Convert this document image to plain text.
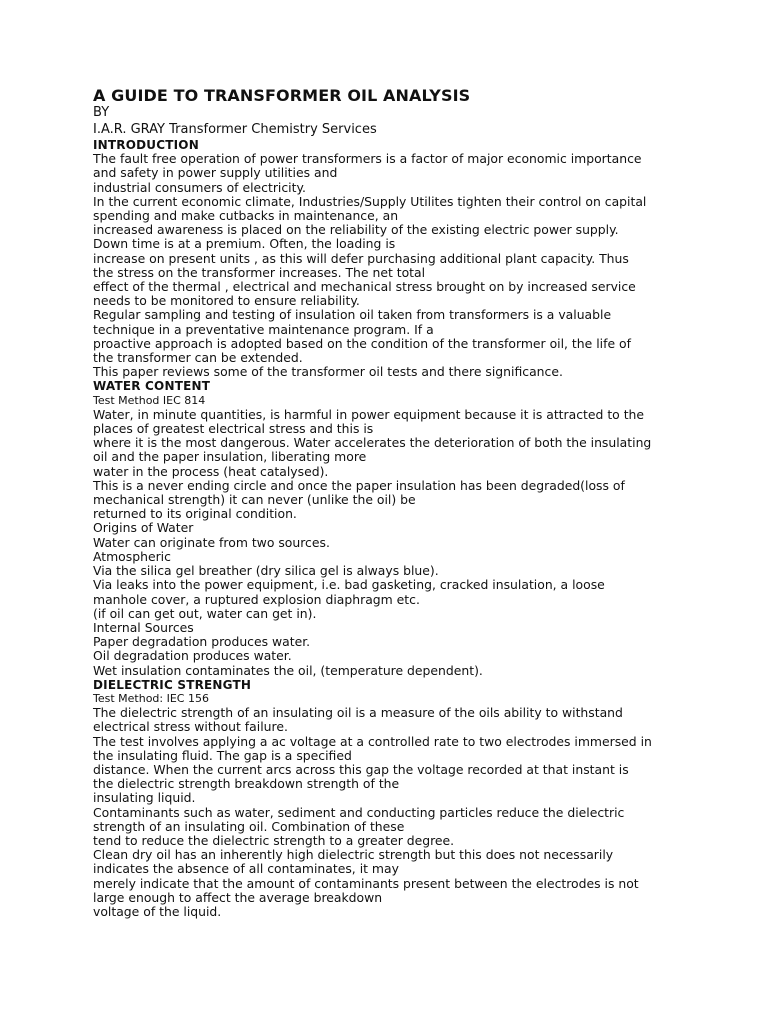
A GUIDE TO TRANSFORMER OIL ANALYSIS

BY

I.A.R. GRAY Transformer Chemistry Services

INTRODUCTION

The fault free operation of power transformers is a factor of major economic importance

and safety in power supply utilities and

industrial consumers of electricity.

In the current economic climate, Industries/Supply Utilites tighten their control on capital

spending and make cutbacks in maintenance, an

increased awareness is placed on the reliability of the existing electric power supply.

Down time is at a premium. Often, the loading is

increase on present units , as this will defer purchasing additional plant capacity. Thus

the stress on the transformer increases. The net total

effect of the thermal , electrical and mechanical stress brought on by increased service

needs to be monitored to ensure reliability.

Regular sampling and testing of insulation oil taken from transformers is a valuable

technique in a preventative maintenance program. If a

proactive approach is adopted based on the condition of the transformer oil, the life of

the transformer can be extended.

This paper reviews some of the transformer oil tests and there significance.

WATER CONTENT

Test Method IEC 814

Water, in minute quantities, is harmful in power equipment because it is attracted to the

places of greatest electrical stress and this is

where it is the most dangerous. Water accelerates the deterioration of both the insulating

oil and the paper insulation, liberating more

water in the process (heat catalysed).

This is a never ending circle and once the paper insulation has been degraded(loss of

mechanical strength) it can never (unlike the oil) be

returned to its original condition.

Origins of Water

Water can originate from two sources.

Atmospheric

Via the silica gel breather (dry silica gel is always blue).

Via leaks into the power equipment, i.e. bad gasketing, cracked insulation, a loose

manhole cover, a ruptured explosion diaphragm etc.

(if oil can get out, water can get in).

Internal Sources

Paper degradation produces water.

Oil degradation produces water.

Wet insulation contaminates the oil, (temperature dependent).

DIELECTRIC STRENGTH

Test Method: IEC 156

The dielectric strength of an insulating oil is a measure of the oils ability to withstand

electrical stress without failure.

The test involves applying a ac voltage at a controlled rate to two electrodes immersed in

the insulating fluid. The gap is a specified

distance. When the current arcs across this gap the voltage recorded at that instant is

the dielectric strength breakdown strength of the

insulating liquid.

Contaminants such as water, sediment and conducting particles reduce the dielectric

strength of an insulating oil. Combination of these

tend to reduce the dielectric strength to a greater degree.

Clean dry oil has an inherently high dielectric strength but this does not necessarily

indicates the absence of all contaminates, it may

merely indicate that the amount of contaminants present between the electrodes is not

large enough to affect the average breakdown

voltage of the liquid.
